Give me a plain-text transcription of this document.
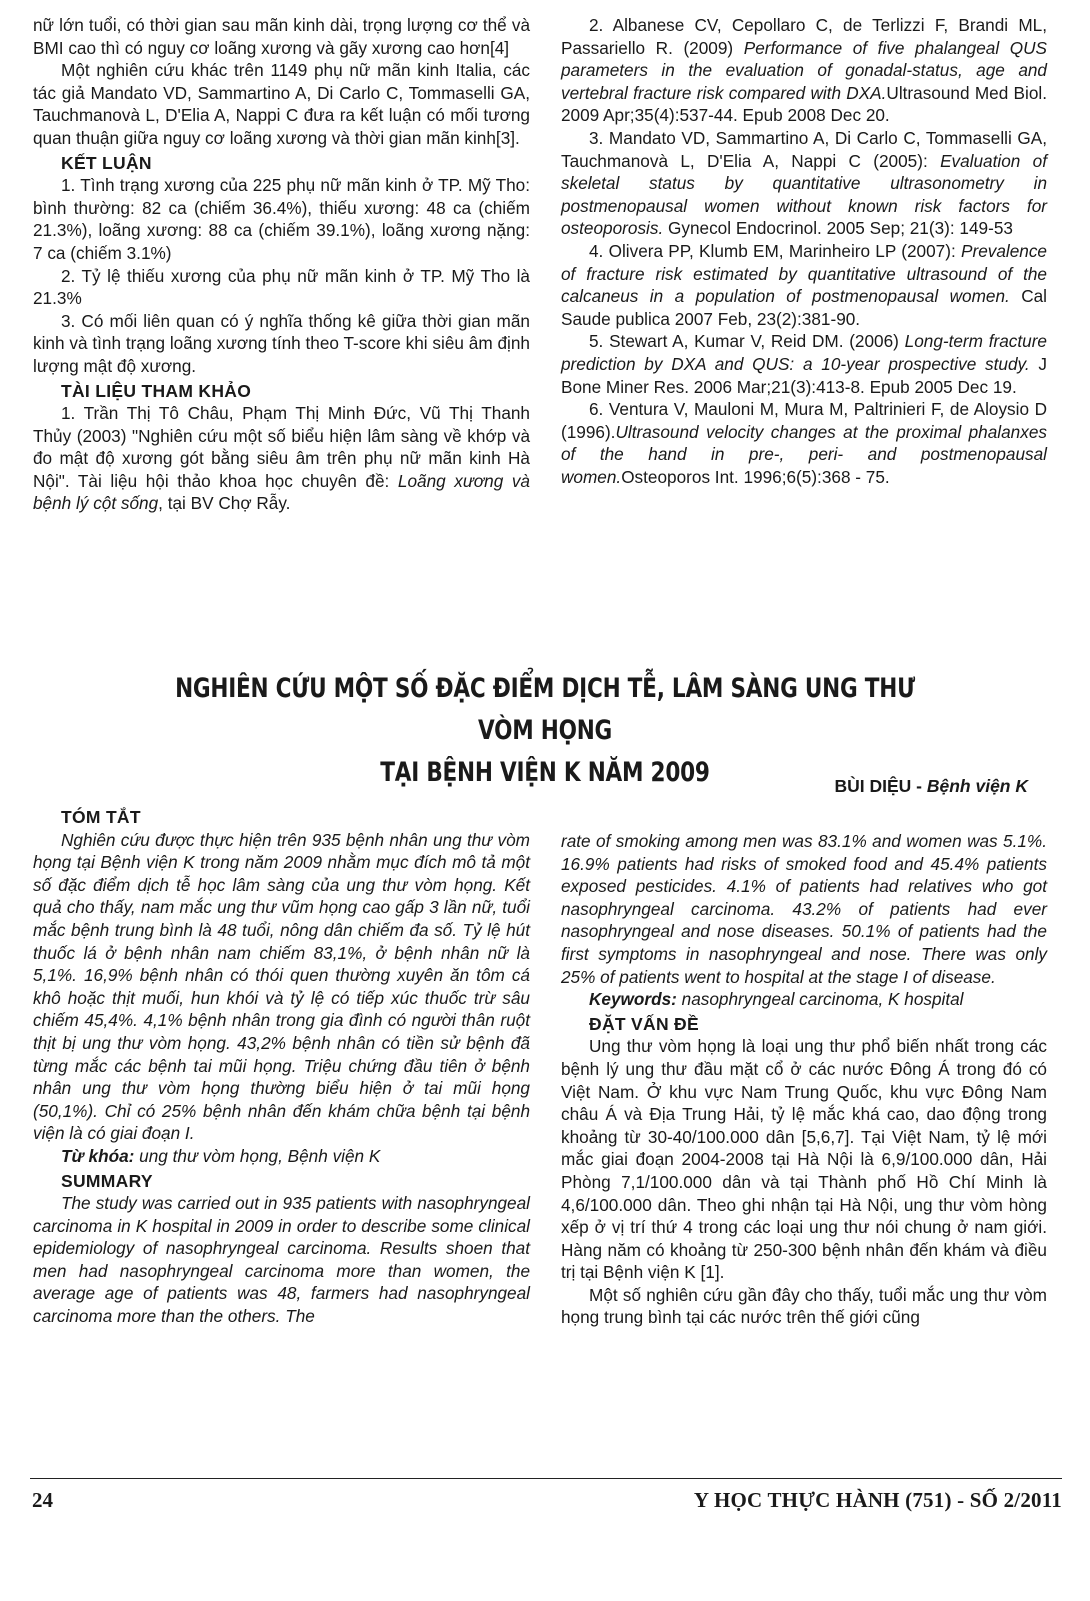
nữ lớn tuổi, có thời gian sau mãn kinh dài, trọng lượng cơ thể và BMI cao thì có nguy cơ loãng xương và gãy xương cao hơn[4]

Một nghiên cứu khác trên 1149 phụ nữ mãn kinh Italia, các tác giả Mandato VD, Sammartino A, Di Carlo C, Tommaselli GA, Tauchmanovà L, D'Elia A, Nappi C đưa ra kết luận có mối tương quan thuận giữa nguy cơ loãng xương và thời gian mãn kinh[3].

KẾT LUẬN

1. Tình trạng xương của 225 phụ nữ mãn kinh ở TP. Mỹ Tho: bình thường: 82 ca (chiếm 36.4%), thiếu xương: 48 ca (chiếm 21.3%), loãng xương: 88 ca (chiếm 39.1%), loãng xương nặng: 7 ca (chiếm 3.1%)

2. Tỷ lệ thiếu xương của phụ nữ mãn kinh ở TP. Mỹ Tho là 21.3%

3. Có mối liên quan có ý nghĩa thống kê giữa thời gian mãn kinh và tình trạng loãng xương tính theo T-score khi siêu âm định lượng mật độ xương.

TÀI LIỆU THAM KHẢO

1. Trần Thị Tô Châu, Phạm Thị Minh Đức, Vũ Thị Thanh Thủy (2003) "Nghiên cứu một số biểu hiện lâm sàng về khớp và đo mật độ xương gót bằng siêu âm trên phụ nữ mãn kinh Hà Nội". Tài liệu hội thảo khoa học chuyên đề: Loãng xương và bệnh lý cột sống, tại BV Chợ Rẫy.

2. Albanese CV, Cepollaro C, de Terlizzi F, Brandi ML, Passariello R. (2009) Performance of five phalangeal QUS parameters in the evaluation of gonadal-status, age and vertebral fracture risk compared with DXA.Ultrasound Med Biol. 2009 Apr;35(4):537-44. Epub 2008 Dec 20.

3. Mandato VD, Sammartino A, Di Carlo C, Tommaselli GA, Tauchmanovà L, D'Elia A, Nappi C (2005): Evaluation of skeletal status by quantitative ultrasonometry in postmenopausal women without known risk factors for osteoporosis. Gynecol Endocrinol. 2005 Sep; 21(3): 149-53

4. Olivera PP, Klumb EM, Marinheiro LP (2007): Prevalence of fracture risk estimated by quantitative ultrasound of the calcaneus in a population of postmenopausal women. Cal Saude publica 2007 Feb, 23(2):381-90.

5. Stewart A, Kumar V, Reid DM. (2006) Long-term fracture prediction by DXA and QUS: a 10-year prospective study. J Bone Miner Res. 2006 Mar;21(3):413-8. Epub 2005 Dec 19.

6. Ventura V, Mauloni M, Mura M, Paltrinieri F, de Aloysio D (1996).Ultrasound velocity changes at the proximal phalanxes of the hand in pre-, peri- and postmenopausal women.Osteoporos Int. 1996;6(5):368 - 75.

NGHIÊN CỨU MỘT SỐ ĐẶC ĐIỂM DỊCH TỄ, LÂM SÀNG UNG THƯ VÒM HỌNG
TẠI BỆNH VIỆN K NĂM 2009	BÙI DIỆU - Bệnh viện K
TÓM TẮT

Nghiên cứu được thực hiện trên 935 bệnh nhân ung thư vòm họng tại Bệnh viện K trong năm 2009 nhằm mục đích mô tả một số đặc điểm dịch tễ học lâm sàng của ung thư vòm họng. Kết quả cho thấy, nam mắc ung thư vũm họng cao gấp 3 lần nữ, tuổi mắc bệnh trung bình là 48 tuổi, nông dân chiếm đa số. Tỷ lệ hút thuốc lá ở bệnh nhân nam chiếm 83,1%, ở bệnh nhân nữ là 5,1%. 16,9% bệnh nhân có thói quen thường xuyên ăn tôm cá khô hoặc thịt muối, hun khói và tỷ lệ có tiếp xúc thuốc trừ sâu chiếm 45,4%. 4,1% bệnh nhân trong gia đình có người thân ruột thịt bị ung thư vòm họng. 43,2% bệnh nhân có tiền sử bệnh đã từng mắc các bệnh tai mũi họng. Triệu chứng đầu tiên ở bệnh nhân ung thư vòm họng thường biểu hiện ở tai mũi họng (50,1%). Chỉ có 25% bệnh nhân đến khám chữa bệnh tại bệnh viện là có giai đoạn I.

Từ khóa: ung thư vòm họng, Bệnh viện K

SUMMARY

The study was carried out in 935 patients with nasophryngeal carcinoma in K hospital in 2009 in order to describe some clinical epidemiology of nasophryngeal carcinoma. Results shoen that men had nasophryngeal carcinoma more than women, the average age of patients was 48, farmers had nasophryngeal carcinoma more than the others. The

rate of smoking among men was 83.1% and women was 5.1%. 16.9% patients had risks of smoked food and 45.4% patients exposed pesticides. 4.1% of patients had relatives who got nasophryngeal carcinoma. 43.2% of patients had ever nasophryngeal and nose diseases. 50.1% of patients had the first symptoms in nasophryngeal and nose. There was only 25% of patients went to hospital at the stage I of disease.

Keywords: nasophryngeal carcinoma, K hospital

ĐẶT VẤN ĐỀ

Ung thư vòm họng là loại ung thư phổ biến nhất trong các bệnh lý ung thư đầu mặt cổ ở các nước Đông Á trong đó có Việt Nam. Ở khu vực Nam Trung Quốc, khu vực Đông Nam châu Á và Địa Trung Hải, tỷ lệ mắc khá cao, dao động trong khoảng từ 30-40/100.000 dân [5,6,7]. Tại Việt Nam, tỷ lệ mới mắc giai đoạn 2004-2008 tại Hà Nội là 6,9/100.000 dân, Hải Phòng 7,1/100.000 dân và tại Thành phố Hồ Chí Minh là 4,6/100.000 dân. Theo ghi nhận tại Hà Nội, ung thư vòm hòng xếp ở vị trí thứ 4 trong các loại ung thư nói chung ở nam giới. Hàng năm có khoảng từ 250-300 bệnh nhân đến khám và điều trị tại Bệnh viện K [1].

Một số nghiên cứu gần đây cho thấy, tuổi mắc ung thư vòm họng trung bình tại các nước trên thế giới cũng

24	Y HỌC THỰC HÀNH (751) - SỐ 2/2011
